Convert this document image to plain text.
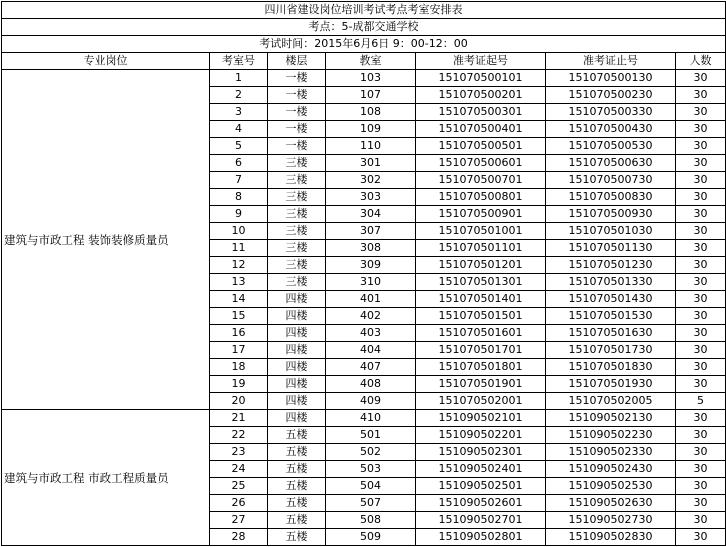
四川省建设岗位培训考试考点考室安排表						
考点：5-成都交通学校						
考试时间：2015年6月6日 9：00-12：00						
专业岗位	考室号	楼层	教室	准考证起号	准考证止号	人数
建筑与市政工程 装饰装修质量员	1	一楼	103	151070500101	151070500130	30
	2	一楼	107	151070500201	151070500230	30
	3	一楼	108	151070500301	151070500330	30
	4	一楼	109	151070500401	151070500430	30
	5	一楼	110	151070500501	151070500530	30
	6	三楼	301	151070500601	151070500630	30
	7	三楼	302	151070500701	151070500730	30
	8	三楼	303	151070500801	151070500830	30
	9	三楼	304	151070500901	151070500930	30
	10	三楼	307	151070501001	151070501030	30
	11	三楼	308	151070501101	151070501130	30
	12	三楼	309	151070501201	151070501230	30
	13	三楼	310	151070501301	151070501330	30
	14	四楼	401	151070501401	151070501430	30
	15	四楼	402	151070501501	151070501530	30
	16	四楼	403	151070501601	151070501630	30
	17	四楼	404	151070501701	151070501730	30
	18	四楼	407	151070501801	151070501830	30
	19	四楼	408	151070501901	151070501930	30
	20	四楼	409	151070502001	151070502005	5
建筑与市政工程 市政工程质量员	21	四楼	410	151090502101	151090502130	30
	22	五楼	501	151090502201	151090502230	30
	23	五楼	502	151090502301	151090502330	30
	24	五楼	503	151090502401	151090502430	30
	25	五楼	504	151090502501	151090502530	30
	26	五楼	507	151090502601	151090502630	30
	27	五楼	508	151090502701	151090502730	30
	28	五楼	509	151090502801	151090502830	30
